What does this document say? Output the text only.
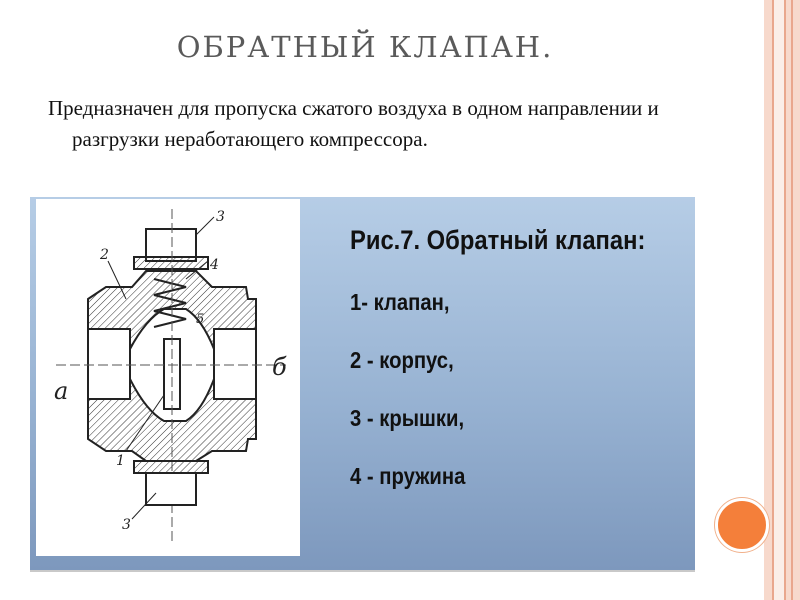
ОБРАТНЫЙ КЛАПАН.
Предназначен для пропуска сжатого воздуха в одном направлении и разгрузки неработающего компрессора.
3
4
5
2
1
3
а
б
Рис.7. Обратный клапан:
1- клапан,
2 - корпус,
3 - крышки,
4 - пружина
